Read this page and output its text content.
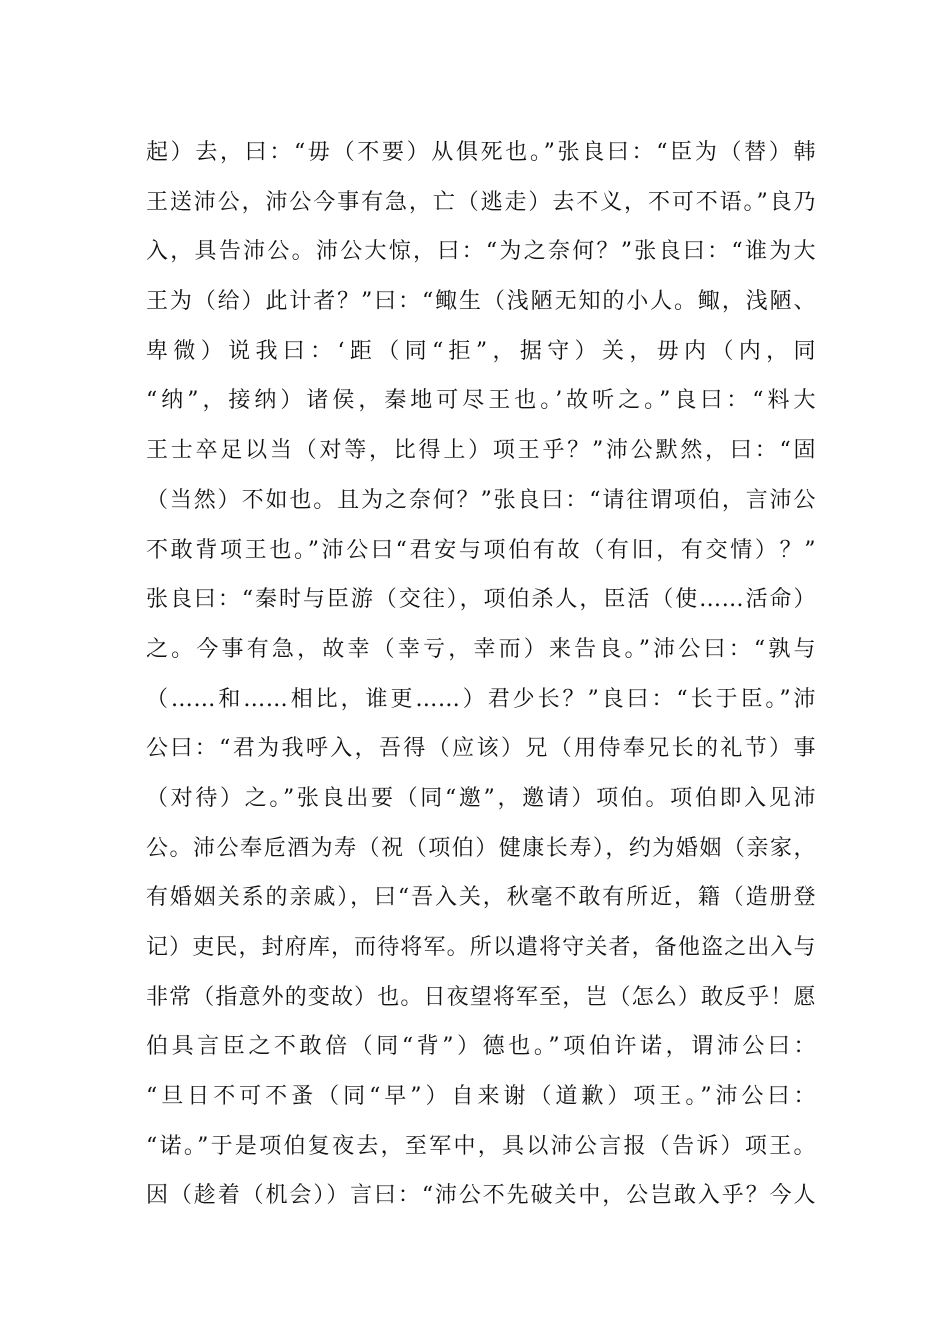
起）去，曰：“毋（不要）从俱死也。”张良曰：“臣为（替）韩
王送沛公，沛公今事有急，亡（逃走）去不义，不可不语。”良乃
入，具告沛公。沛公大惊，曰：“为之奈何？”张良曰：“谁为大
王为（给）此计者？”曰：“鲰生（浅陋无知的小人。鲰，浅陋、
卑微）说我曰：‘距（同“拒”，据守）关，毋内（内，同
“纳”，接纳）诸侯，秦地可尽王也。’故听之。”良曰：“料大
王士卒足以当（对等，比得上）项王乎？”沛公默然，曰：“固
（当然）不如也。且为之奈何？”张良曰：“请往谓项伯，言沛公
不敢背项王也。”沛公曰“君安与项伯有故（有旧，有交情）？”
张良曰：“秦时与臣游（交往），项伯杀人，臣活（使……活命）
之。今事有急，故幸（幸亏，幸而）来告良。”沛公曰：“孰与
（……和……相比，谁更……）君少长？”良曰：“长于臣。”沛
公曰：“君为我呼入，吾得（应该）兄（用侍奉兄长的礼节）事
（对待）之。”张良出要（同“邀”，邀请）项伯。项伯即入见沛
公。沛公奉卮酒为寿（祝（项伯）健康长寿），约为婚姻（亲家，
有婚姻关系的亲戚），曰“吾入关，秋毫不敢有所近，籍（造册登
记）吏民，封府库，而待将军。所以遣将守关者，备他盗之出入与
非常（指意外的变故）也。日夜望将军至，岂（怎么）敢反乎！愿
伯具言臣之不敢倍（同“背”）德也。”项伯许诺，谓沛公曰：
“旦日不可不蚤（同“早”）自来谢（道歉）项王。”沛公曰：
“诺。”于是项伯复夜去，至军中，具以沛公言报（告诉）项王。
因（趁着（机会））言曰：“沛公不先破关中，公岂敢入乎？今人
